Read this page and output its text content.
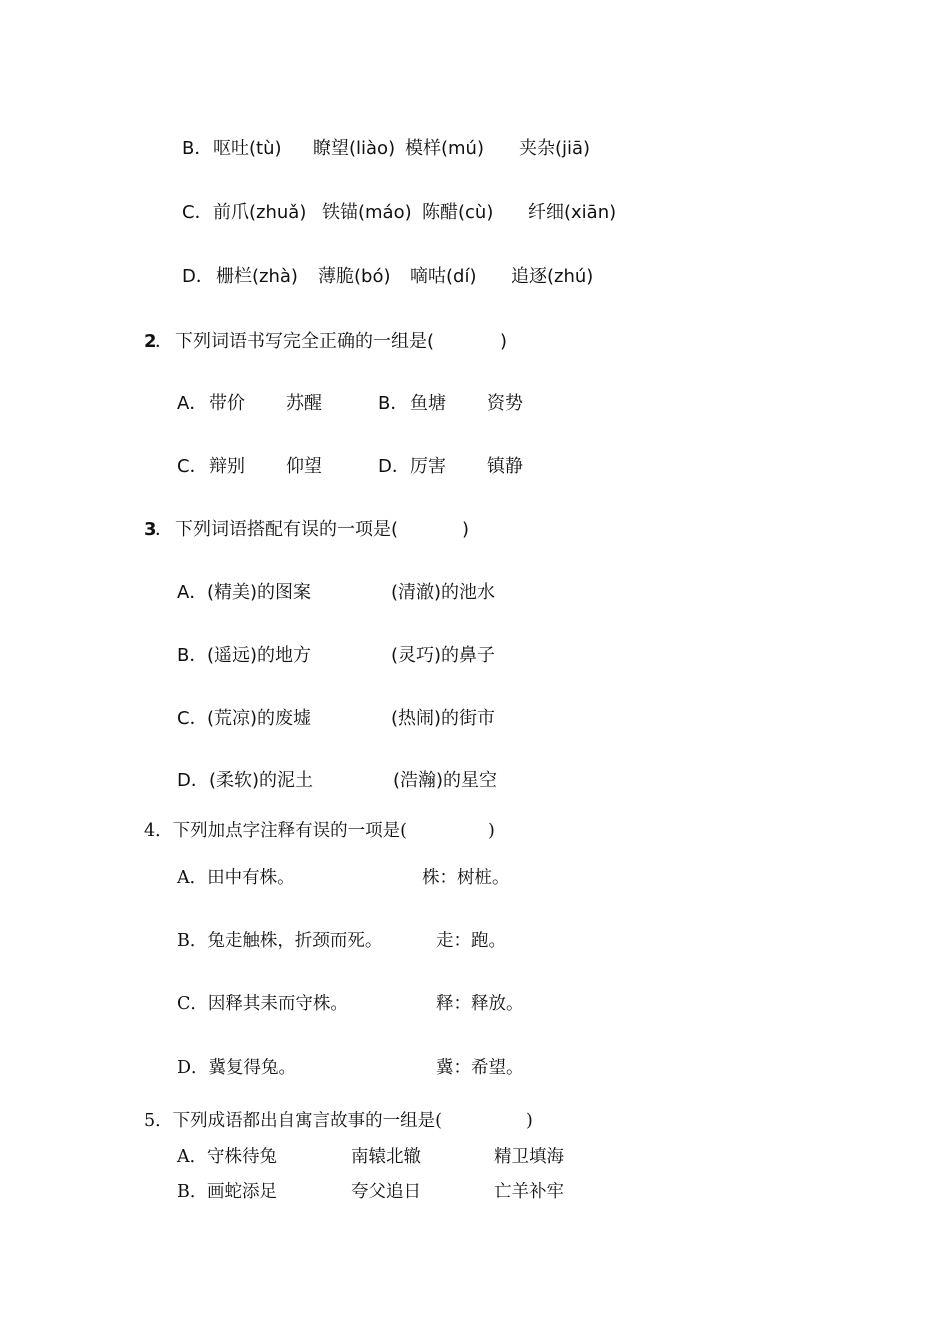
B． 呕吐(tù) 瞭望(liào) 模样(mú) 夹杂(jiā)
C． 前爪(zhuǎ) 铁锚(máo) 陈醋(cù) 纤细(xiān)
D． 栅栏(zhà) 薄脆(bó) 嘀咕(dí) 追逐(zhú)
2
． 下列词语书写完全正确的一组是(	)
A． 带价 苏醒	B． 鱼塘 资势
C． 辩别 仰望	D． 厉害 镇静
3
． 下列词语搭配有误的一项是(	)
A． (精美)的图案	(清澈)的池水
B． (遥远)的地方	(灵巧)的鼻子
C． (荒凉)的废墟	(热闹)的街市
D． (柔软)的泥土	(浩瀚)的星空
4．下列加点字注释有误的一项是(	)
A．田中有株。	株：树桩。
B．兔走触株，折颈而死。	走：跑。
C．因释其耒而守株。	释：释放。
D．冀复得兔。	冀：希望。
5．下列成语都出自寓言故事的一组是(	)
A． 守株待兔	南辕北辙	精卫填海
B． 画蛇添足	夸父追日	亡羊补牢
